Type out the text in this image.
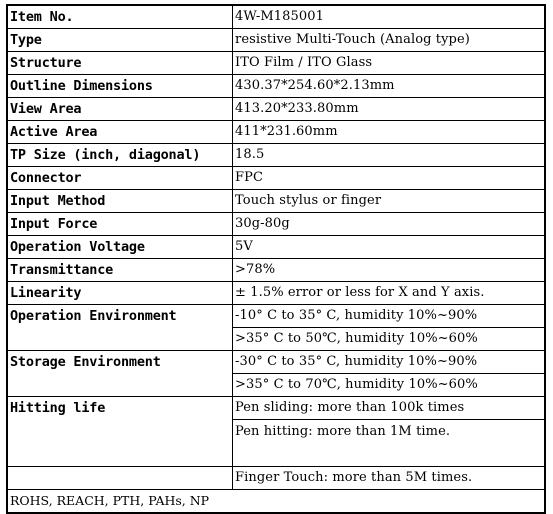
Item No.	4W-M185001
Type	resistive Multi-Touch (Analog type)
Structure	ITO Film / ITO Glass
Outline Dimensions	430.37*254.60*2.13mm
View Area	413.20*233.80mm
Active Area	411*231.60mm
TP Size (inch, diagonal)	18.5
Connector	FPC
Input Method	Touch stylus or finger
Input Force	30g-80g
Operation Voltage	5V
Transmittance	>78%
Linearity	± 1.5% error or less for X and Y axis.
Operation Environment	-10° C to 35° C, humidity 10%~90%
	>35° C to 50℃, humidity 10%~60%
Storage Environment	-30° C to 35° C, humidity 10%~90%
	>35° C to 70℃, humidity 10%~60%
Hitting life	Pen sliding: more than 100k times
	Pen hitting: more than 1M time.
	Finger Touch: more than 5M times.
ROHS, REACH, PTH, PAHs, NP	
